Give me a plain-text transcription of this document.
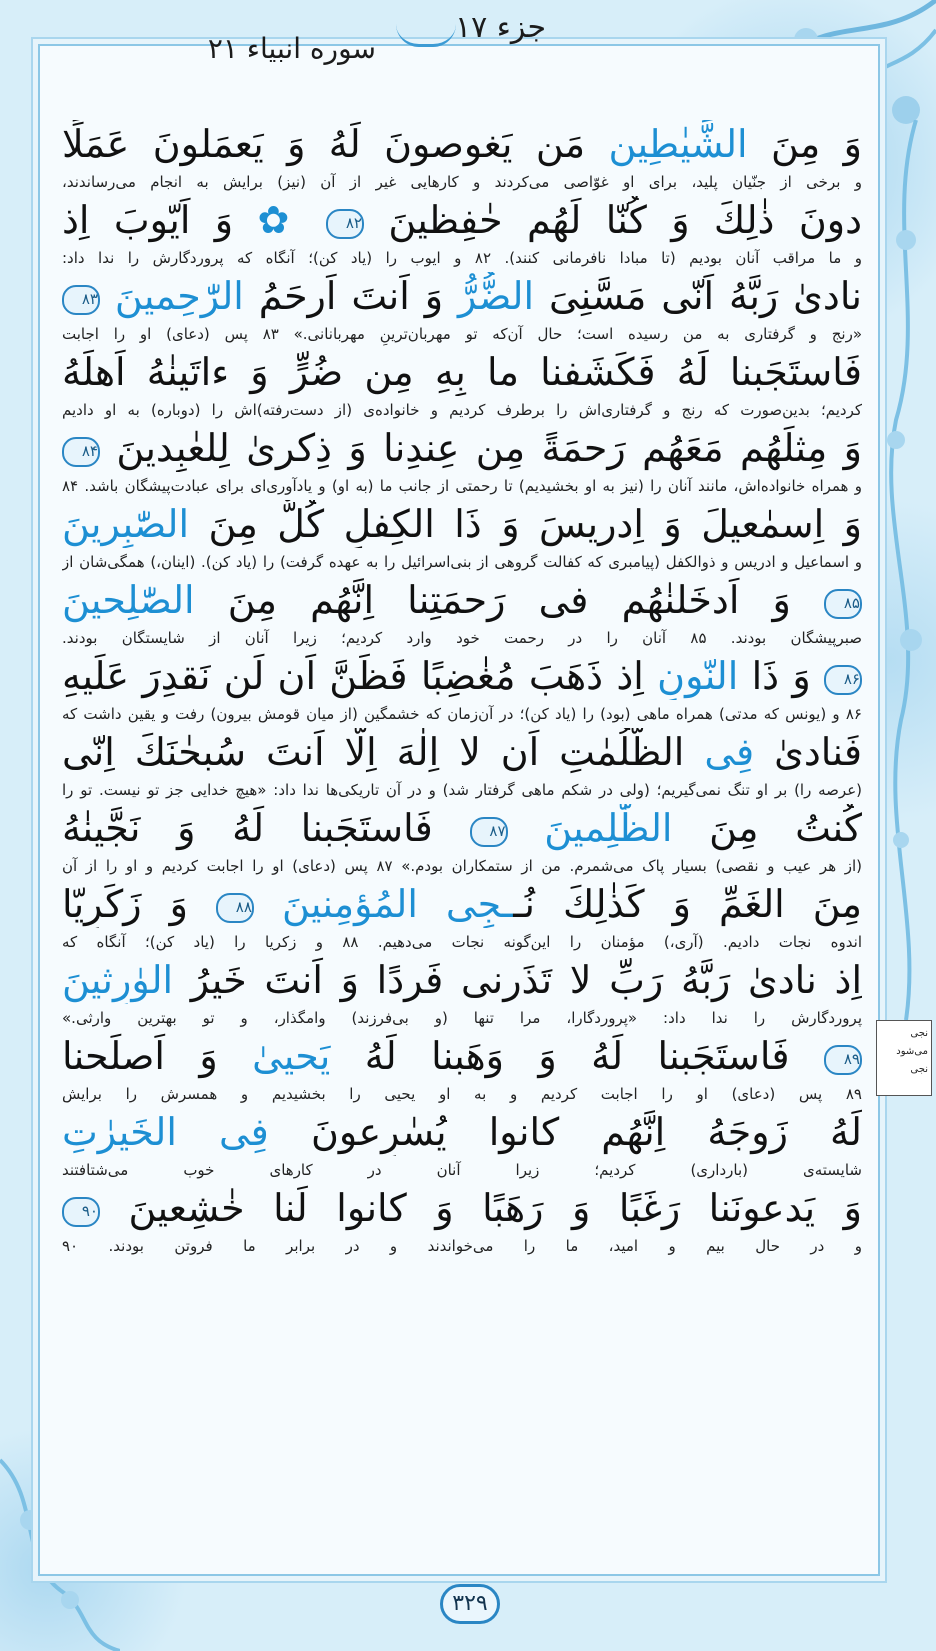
جزء ۱۷
سوره انبیاء ۲۱
وَ مِنَ الشَّيٰطِينِ مَن يَغوصونَ لَهُ وَ يَعمَلونَ عَمَلًا
و برخی از جنّیان پلید، برای او غوّاصی می‌کردند و کارهایی غیر از آن (نیز) برایش به انجام می‌رساندند،
دونَ ذٰلِكَ وَ كُنّا لَهُم حٰفِظينَ ۸۲ ✿ وَ اَيّوبَ اِذ
و ما مراقب آنان بودیم (تا مبادا نافرمانی کنند). ۸۲ و ایوب را (یاد کن)؛ آنگاه که پروردگارش را ندا داد:
نادىٰ رَبَّهُ اَنّى مَسَّنِىَ الضُّرُّ وَ اَنتَ اَرحَمُ الرّٰحِمينَ ۸۳
«رنج و گرفتاری به من رسیده است؛ حال آن‌که تو مهربان‌ترینِ مهربانانی.» ۸۳ پس (دعای) او را اجابت
فَاستَجَبنا لَهُ فَكَشَفنا ما بِهِ مِن ضُرٍّ وَ ءاتَينٰهُ اَهلَهُ
کردیم؛ بدین‌صورت که رنج و گرفتاری‌اش را برطرف کردیم و خانواده‌ی (از دست‌رفته)اش را (دوباره) به او دادیم
وَ مِثلَهُم مَعَهُم رَحمَةً مِن عِندِنا وَ ذِكرىٰ لِلعٰبِدينَ ۸۴
و همراه خانواده‌اش، مانند آنان را (نیز به او بخشیدیم) تا رحمتی از جانب ما (به او) و یادآوری‌ای برای عبادت‌پیشگان باشد. ۸۴
وَ اِسمٰعيلَ وَ اِدريسَ وَ ذَا الكِفلِ كُلٌّ مِنَ الصّٰبِرينَ
و اسماعیل و ادریس و ذوالکفل (پیامبری که کفالت گروهی از بنی‌اسرائیل را به عهده گرفت) را (یاد کن). (اینان،) همگی‌شان از
۸۵ وَ اَدخَلنٰهُم فى رَحمَتِنا اِنَّهُم مِنَ الصّٰلِحينَ
صبرپیشگان بودند. ۸۵ آنان را در رحمت خود وارد کردیم؛ زیرا آنان از شایستگان بودند.
۸۶ وَ ذَا النّونِ اِذ ذَهَبَ مُغٰضِبًا فَظَنَّ اَن لَن نَقدِرَ عَلَيهِ
۸۶ و (یونس که مدتی) همراه ماهی (بود) را (یاد کن)؛ در آن‌زمان که خشمگین (از میان قومش بیرون) رفت و یقین داشت که
فَنادىٰ فِى الظُّلُمٰتِ اَن لا اِلٰهَ اِلّا اَنتَ سُبحٰنَكَ اِنّى
(عرصه را) بر او تنگ نمی‌گیریم؛ (ولی در شکم ماهی گرفتار شد) و در آن تاریکی‌ها ندا داد: «هیچ خدایی جز تو نیست. تو را
كُنتُ مِنَ الظّٰلِمينَ ۸۷ فَاستَجَبنا لَهُ وَ نَجَّينٰهُ
(از هر عیب و نقصی) بسیار پاک می‌شمرم. من از ستمکاران بودم.» ۸۷ پس (دعای) او را اجابت کردیم و او را از آن
مِنَ الغَمِّ وَ كَذٰلِكَ نُــجِى المُؤمِنينَ ۸۸ وَ زَكَرِيّا
اندوه نجات دادیم. (آری،) مؤمنان را این‌گونه نجات می‌دهیم. ۸۸ و زکریا را (یاد کن)؛ آنگاه که
اِذ نادىٰ رَبَّهُ رَبِّ لا تَذَرنى فَردًا وَ اَنتَ خَيرُ الوٰرِثينَ
پروردگارش را ندا داد: «پروردگارا، مرا تنها (و بی‌فرزند) وامگذار، و تو بهترین وارثی.»
۸۹ فَاستَجَبنا لَهُ وَ وَهَبنا لَهُ يَحيىٰ وَ اَصلَحنا
۸۹ پس (دعای) او را اجابت کردیم و به او یحیی را بخشیدیم و همسرش را برایش
لَهُ زَوجَهُ اِنَّهُم كانوا يُسٰرِعونَ فِى الخَيرٰتِ
شایسته‌ی (بارداری) کردیم؛ زیرا آنان در کارهای خوب می‌شتافتند
وَ يَدعونَنا رَغَبًا وَ رَهَبًا وَ كانوا لَنا خٰشِعينَ ۹۰
و در حال بیم و امید، ما را می‌خواندند و در برابر ما فروتن بودند. ۹۰
نجی
می‌شود
نجی
۳۲۹
